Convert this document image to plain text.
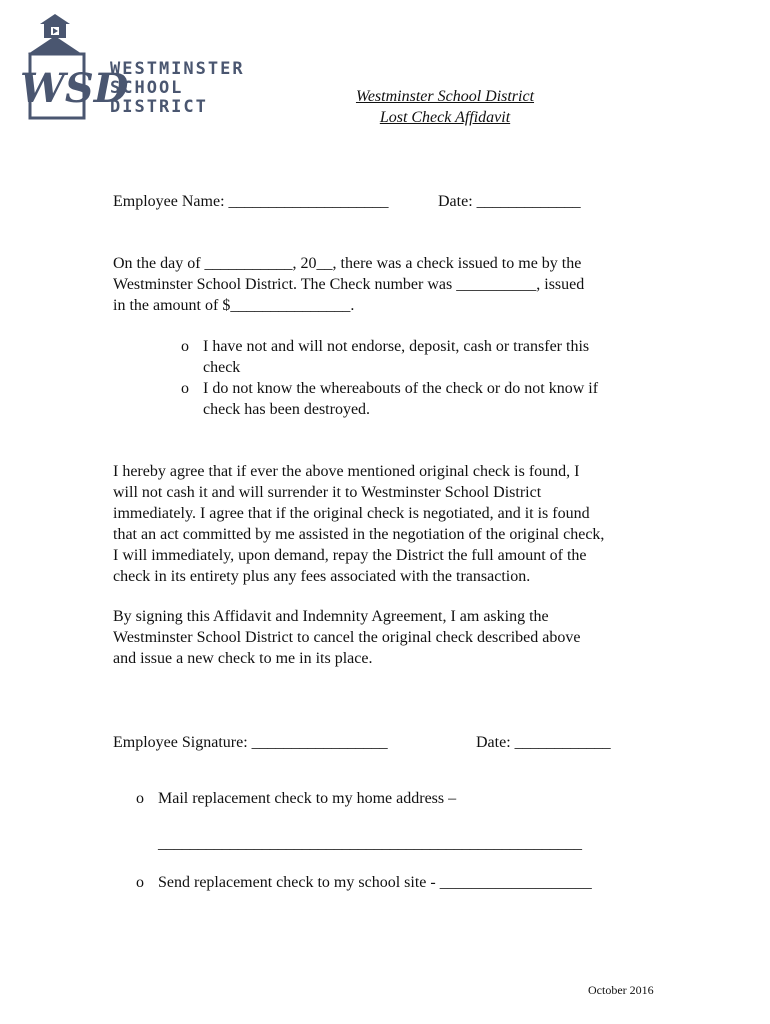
WSD
WESTMINSTER
SCHOOL
DISTRICT
Westminster School District
Lost Check Affidavit
Employee Name: ____________________	Date: _____________
On the day of ___________, 20__, there was a check issued to me by the
Westminster School District. The Check number was __________, issued
in the amount of $_______________.
o I have not and will not endorse, deposit, cash or transfer this
check
o I do not know the whereabouts of the check or do not know if
check has been destroyed.
I hereby agree that if ever the above mentioned original check is found, I
will not cash it and will surrender it to Westminster School District
immediately. I agree that if the original check is negotiated, and it is found
that an act committed by me assisted in the negotiation of the original check,
I will immediately, upon demand, repay the District the full amount of the
check in its entirety plus any fees associated with the transaction.
By signing this Affidavit and Indemnity Agreement, I am asking the
Westminster School District to cancel the original check described above
and issue a new check to me in its place.
Employee Signature: _________________	Date: ____________
o Mail replacement check to my home address –
_____________________________________________________
o Send replacement check to my school site - ___________________
October 2016
